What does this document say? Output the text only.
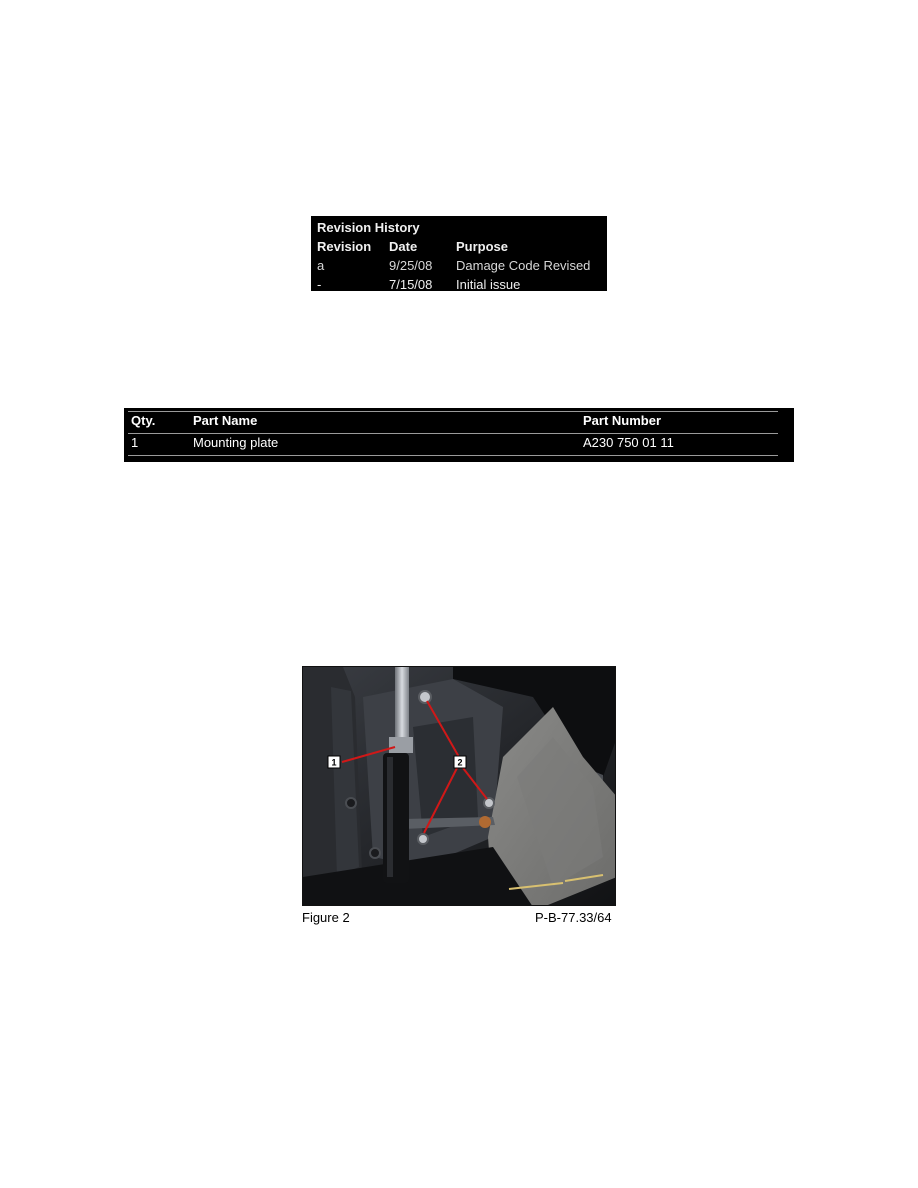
Revision History
Revision Date	Purpose
a	9/25/08 Damage Code Revised
-	7/15/08 Initial issue
Qty.	Part Name	Part Number
1	Mounting plate	A230 750 01 11
1	2
Figure 2	P-B-77.33/64
